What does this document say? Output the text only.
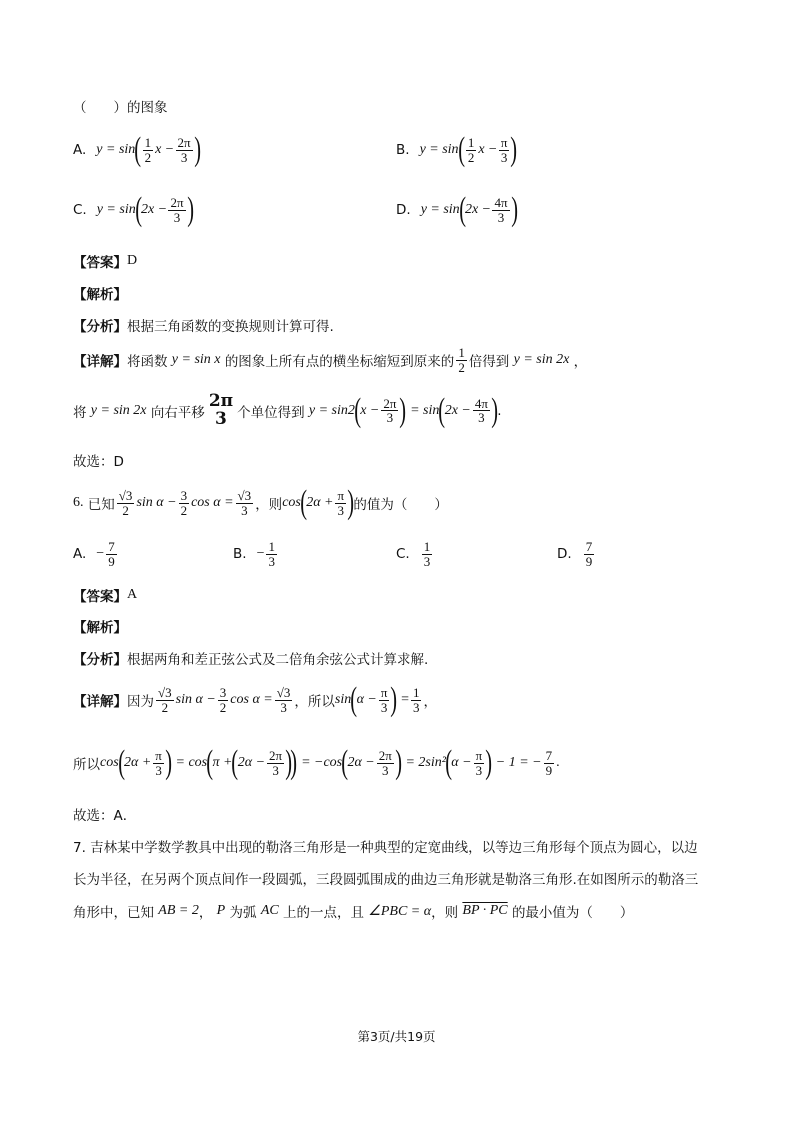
（　　）的图象
A. y = sin ( $\frac{1}{2}$ x
− $\frac{2\pi}{3}$ )	B. y = sin ( $\frac{1}{2}$ x
− $\frac{\pi}{3}$ )
C. y = sin ( 2x
− $\frac{2\pi}{3}$ )	D. y = sin ( 2x
− $\frac{4\pi}{3}$ )
【答案】 D
【解析】
【分析】 根据三角函数的变换规则计算可得.
【详解】 将函数
y = sin x
的图象上所有点的横坐标缩短到原来的 $\frac{1}{2}$ 倍得到
y = sin 2x
，
将
y = sin 2x
向右平移
2π
3 个单位得到
y = sin2 ( $x - \frac{2\pi}{3}$ )
= sin ( $2x - \frac{4\pi}{3}$ ) .
故选：D
6.
已知 $\frac{√3}{2}$ $\sin \alpha - \frac{3}{2}$ $\cos \alpha = \frac{√3}{3}$ ，则 cos ( $2\alpha + \frac{\pi}{3}$ ) 的值为（　　）
A. − $\frac{7}{9}$	B. − $\frac{1}{3}$	C. $\frac{1}{3}$	D. $\frac{7}{9}$
【答案】 A
【解析】
【分析】 根据两角和差正弦公式及二倍角余弦公式计算求解.
【详解】 因为 $\frac{√3}{2}$ $\sin \alpha - \frac{3}{2}$ $\cos \alpha = \frac{√3}{3}$ ，所以 sin ( $\alpha - \frac{\pi}{3}$ )
= $\frac{1}{3}$ ，
所以 cos ( $2\alpha + \frac{\pi}{3}$ )
= cos ( π + ( $2\alpha - \frac{2\pi}{3}$ )
)
= −cos ( $2\alpha - \frac{2\pi}{3}$ )
= 2sin² ( $\alpha - \frac{\pi}{3}$ )
− 1 = − $\frac{7}{9}$ .
故选：A．
7. 吉林某中学数学教具中出现的勒洛三角形是一种典型的定宽曲线，以等边三角形每个顶点为圆心，以边
长为半径，在另两个顶点间作一段圆弧，三段圆弧围成的曲边三角形就是勒洛三角形.在如图所示的勒洛三
角形中，已知
AB = 2 ，
P
为弧
AC
上的一点，且
∠PBC = α ，则
BP · PC
的最小值为（　　）
第3页/共19页
